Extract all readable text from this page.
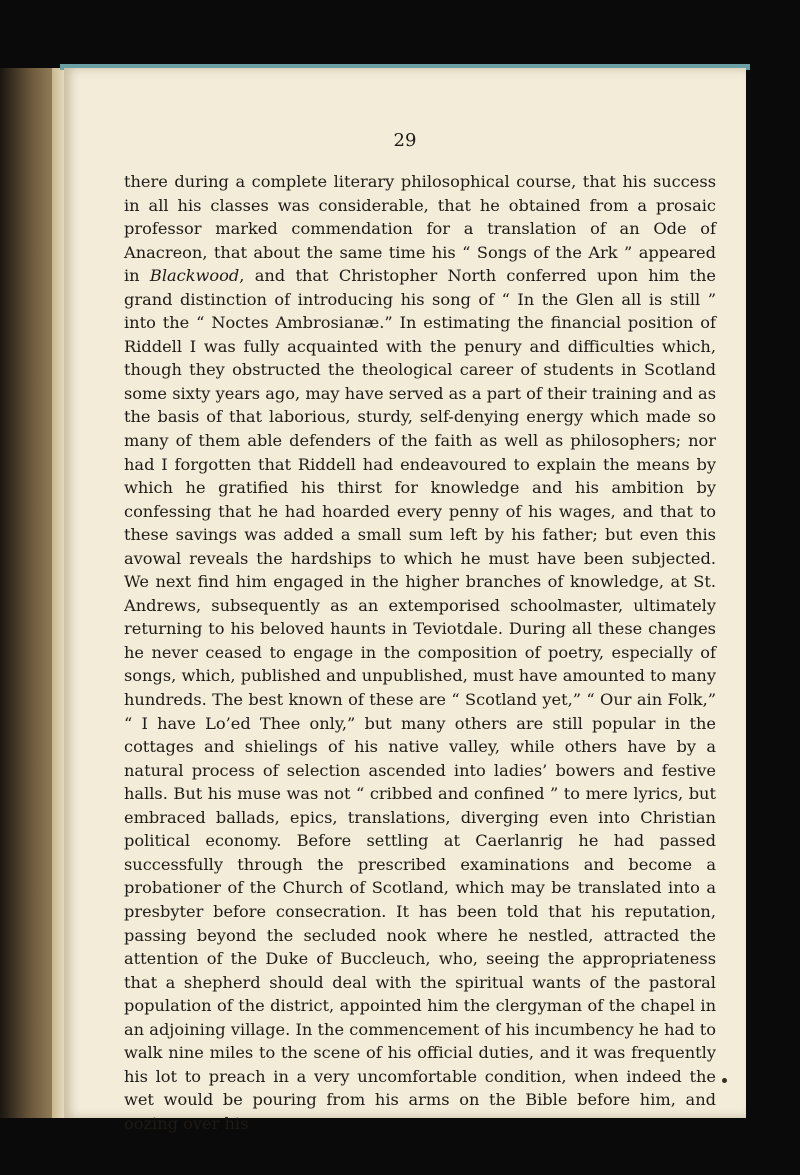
29

there during a complete literary philosophical course, that his success in all his classes was considerable, that he obtained from a prosaic professor marked commendation for a translation of an Ode of Anacreon, that about the same time his “ Songs of the Ark ” appeared in Blackwood, and that Christopher North conferred upon him the grand distinction of introducing his song of “ In the Glen all is still ” into the “ Noctes Ambrosianæ.” In estimating the financial position of Riddell I was fully acquainted with the penury and difficulties which, though they obstructed the theological career of students in Scotland some sixty years ago, may have served as a part of their training and as the basis of that laborious, sturdy, self-denying energy which made so many of them able defenders of the faith as well as philosophers; nor had I forgotten that Riddell had endeavoured to explain the means by which he gratified his thirst for knowledge and his ambition by confessing that he had hoarded every penny of his wages, and that to these savings was added a small sum left by his father; but even this avowal reveals the hardships to which he must have been subjected. We next find him engaged in the higher branches of knowledge, at St. Andrews, subsequently as an extemporised schoolmaster, ultimately returning to his beloved haunts in Teviotdale. During all these changes he never ceased to engage in the composition of poetry, especially of songs, which, published and unpublished, must have amounted to many hundreds. The best known of these are “ Scotland yet,” “ Our ain Folk,” “ I have Lo’ed Thee only,” but many others are still popular in the cottages and shielings of his native valley, while others have by a natural process of selection ascended into ladies’ bowers and festive halls. But his muse was not “ cribbed and confined ” to mere lyrics, but embraced ballads, epics, translations, diverging even into Christian political economy. Before settling at Caerlanrig he had passed successfully through the prescribed examinations and become a probationer of the Church of Scotland, which may be translated into a presbyter before consecration. It has been told that his reputation, passing beyond the secluded nook where he nestled, attracted the attention of the Duke of Buccleuch, who, seeing the appropriateness that a shepherd should deal with the spiritual wants of the pastoral population of the district, appointed him the clergyman of the chapel in an adjoining village. In the commencement of his incumbency he had to walk nine miles to the scene of his official duties, and it was frequently his lot to preach in a very uncomfortable condition, when indeed the wet would be pouring from his arms on the Bible before him, and oozing over his
